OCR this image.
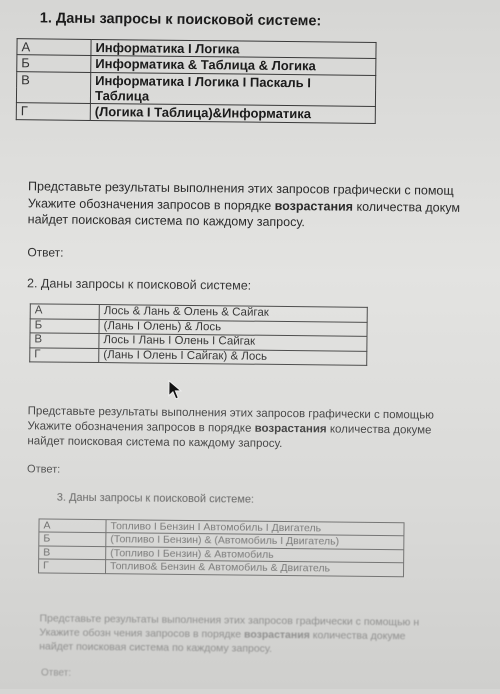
1. Даны запросы к поисковой системе:
А	Информатика I Логика
Б	Информатика & Таблица & Логика
В	Информатика I Логика I Паскаль I
	Таблица
Г	(Логика I Таблица)&Информатика
Представьте результаты выполнения этих запросов графически с помощ
Укажите обозначения запросов в порядке возрастания количества докум
найдет поисковая система по каждому запросу.
Ответ:
2. Даны запросы к поисковой системе:
А	Лось & Лань & Олень & Сайгак
Б	(Лань I Олень) & Лось
В	Лось I Лань I Олень I Сайгак
Г	(Лань I Олень I Сайгак) & Лось
Представьте результаты выполнения этих запросов графически с помощью
Укажите обозначения запросов в порядке возрастания количества докуме
найдет поисковая система по каждому запросу.
Ответ:
3. Даны запросы к поисковой системе:
А	Топливо I Бензин I Автомобиль I Двигатель
Б	(Топливо I Бензин) & (Автомобиль I Двигатель)
В	(Топливо I Бензин) & Автомобиль
Г	Топливо& Бензин & Автомобиль & Двигатель
Представьте результаты выполнения этих запросов графически с помощью н
Укажите обозн чения запросов в порядке возрастания количества докуме
найдет поисковая система по каждому запросу.
Ответ:
